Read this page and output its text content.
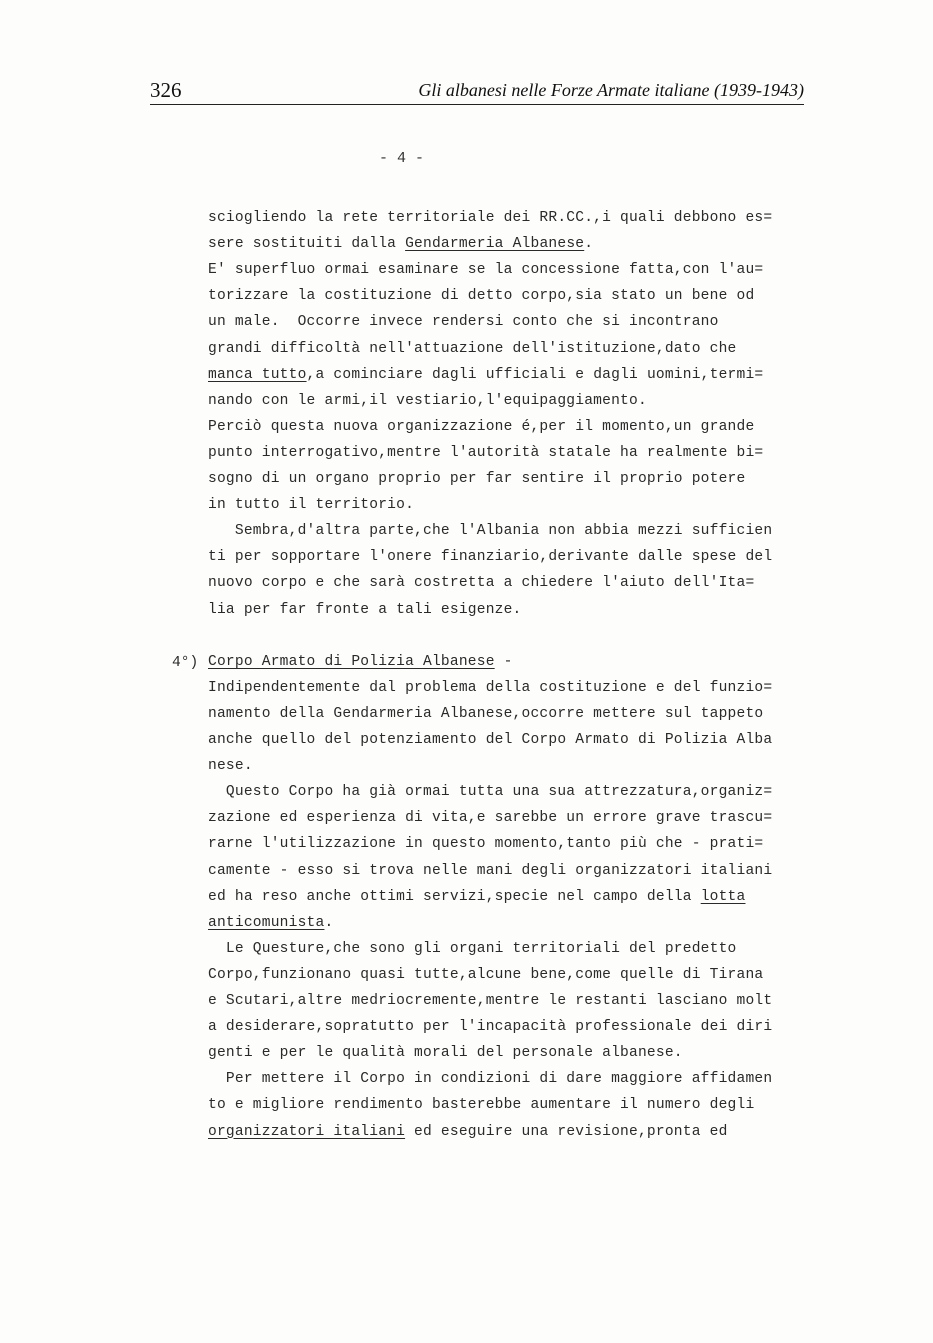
326	Gli albanesi nelle Forze Armate italiane (1939-1943)
- 4 -
4°)
sciogliendo la rete territoriale dei RR.CC.,i quali debbono es=
sere sostituiti dalla Gendarmeria Albanese.
E' superfluo ormai esaminare se la concessione fatta,con l'au=
torizzare la costituzione di detto corpo,sia stato un bene od
un male.  Occorre invece rendersi conto che si incontrano
grandi difficoltà nell'attuazione dell'istituzione,dato che
manca tutto,a cominciare dagli ufficiali e dagli uomini,termi=
nando con le armi,il vestiario,l'equipaggiamento.
Perciò questa nuova organizzazione é,per il momento,un grande
punto interrogativo,mentre l'autorità statale ha realmente bi=
sogno di un organo proprio per far sentire il proprio potere
in tutto il territorio.
Sembra,d'altra parte,che l'Albania non abbia mezzi sufficien
ti per sopportare l'onere finanziario,derivante dalle spese del
nuovo corpo e che sarà costretta a chiedere l'aiuto dell'Ita=
lia per far fronte a tali esigenze.
Corpo Armato di Polizia Albanese -
Indipendentemente dal problema della costituzione e del funzio=
namento della Gendarmeria Albanese,occorre mettere sul tappeto
anche quello del potenziamento del Corpo Armato di Polizia Alba
nese.
Questo Corpo ha già ormai tutta una sua attrezzatura,organiz=
zazione ed esperienza di vita,e sarebbe un errore grave trascu=
rarne l'utilizzazione in questo momento,tanto più che - prati=
camente - esso si trova nelle mani degli organizzatori italiani
ed ha reso anche ottimi servizi,specie nel campo della lotta
anticomunista.
Le Questure,che sono gli organi territoriali del predetto
Corpo,funzionano quasi tutte,alcune bene,come quelle di Tirana
e Scutari,altre medriocremente,mentre le restanti lasciano molt
a desiderare,sopratutto per l'incapacità professionale dei diri
genti e per le qualità morali del personale albanese.
Per mettere il Corpo in condizioni di dare maggiore affidamen
to e migliore rendimento basterebbe aumentare il numero degli
organizzatori italiani ed eseguire una revisione,pronta ed
